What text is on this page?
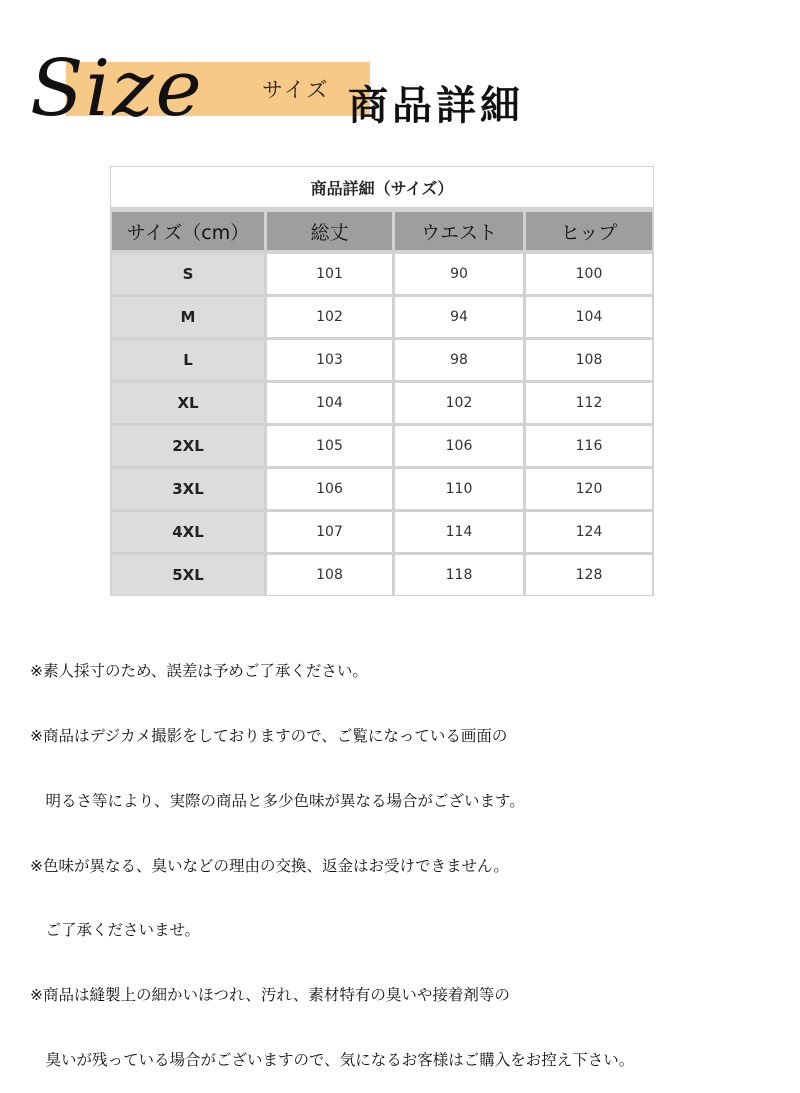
Size	サイズ 商品詳細
商品詳細（サイズ）
サイズ（cm）	総丈	ウエスト	ヒップ
S	101	90	100
M	102	94	104
L	103	98	108
XL	104	102	112
2XL	105	106	116
3XL	106	110	120
4XL	107	114	124
5XL	108	118	128

※素人採寸のため、誤差は予めご了承ください。

※商品はデジカメ撮影をしておりますので、ご覧になっている画面の

　明るさ等により、実際の商品と多少色味が異なる場合がございます。

※色味が異なる、臭いなどの理由の交換、返金はお受けできません。

　ご了承くださいませ。

※商品は縫製上の細かいほつれ、汚れ、素材特有の臭いや接着剤等の

　臭いが残っている場合がございますので、気になるお客様はご購入をお控え下さい。
